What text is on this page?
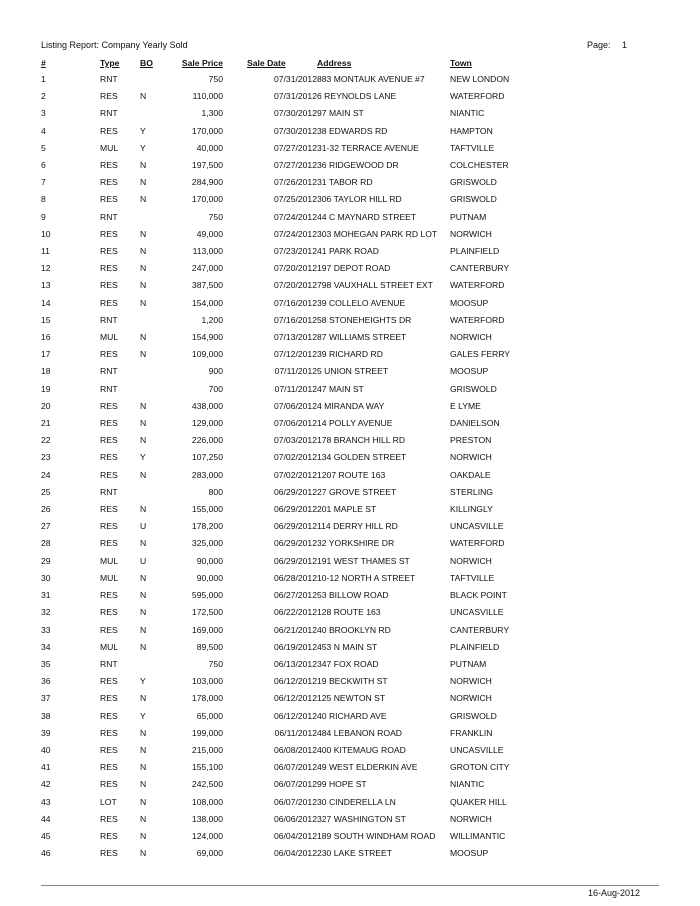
Listing Report: Company Yearly Sold	Page: 1
#	Type	BO	Sale Price	Sale Date	Address	Town
1	RNT		750	07/31/2012	883 MONTAUK AVENUE #7	NEW LONDON
2	RES	N	110,000	07/31/2012	6 REYNOLDS LANE	WATERFORD
3	RNT		1,300	07/30/2012	97 MAIN ST	NIANTIC
4	RES	Y	170,000	07/30/2012	38 EDWARDS RD	HAMPTON
5	MUL	Y	40,000	07/27/2012	31-32 TERRACE AVENUE	TAFTVILLE
6	RES	N	197,500	07/27/2012	36 RIDGEWOOD DR	COLCHESTER
7	RES	N	284,900	07/26/2012	31 TABOR RD	GRISWOLD
8	RES	N	170,000	07/25/2012	306 TAYLOR HILL RD	GRISWOLD
9	RNT		750	07/24/2012	44 C MAYNARD STREET	PUTNAM
10	RES	N	49,000	07/24/2012	303 MOHEGAN PARK RD LOT	NORWICH
11	RES	N	113,000	07/23/2012	41 PARK ROAD	PLAINFIELD
12	RES	N	247,000	07/20/2012	197 DEPOT ROAD	CANTERBURY
13	RES	N	387,500	07/20/2012	798 VAUXHALL STREET EXT	WATERFORD
14	RES	N	154,000	07/16/2012	39 COLLELO AVENUE	MOOSUP
15	RNT		1,200	07/16/2012	58 STONEHEIGHTS DR	WATERFORD
16	MUL	N	154,900	07/13/2012	87 WILLIAMS STREET	NORWICH
17	RES	N	109,000	07/12/2012	39 RICHARD RD	GALES FERRY
18	RNT		900	07/11/2012	5 UNION STREET	MOOSUP
19	RNT		700	07/11/2012	47 MAIN ST	GRISWOLD
20	RES	N	438,000	07/06/2012	4 MIRANDA WAY	E LYME
21	RES	N	129,000	07/06/2012	14 POLLY AVENUE	DANIELSON
22	RES	N	226,000	07/03/2012	178 BRANCH HILL RD	PRESTON
23	RES	Y	107,250	07/02/2012	134 GOLDEN STREET	NORWICH
24	RES	N	283,000	07/02/2012	1207 ROUTE 163	OAKDALE
25	RNT		800	06/29/2012	27 GROVE STREET	STERLING
26	RES	N	155,000	06/29/2012	201 MAPLE ST	KILLINGLY
27	RES	U	178,200	06/29/2012	114 DERRY HILL RD	UNCASVILLE
28	RES	N	325,000	06/29/2012	32 YORKSHIRE DR	WATERFORD
29	MUL	U	90,000	06/29/2012	191 WEST THAMES ST	NORWICH
30	MUL	N	90,000	06/28/2012	10-12 NORTH A STREET	TAFTVILLE
31	RES	N	595,000	06/27/2012	53 BILLOW ROAD	BLACK POINT
32	RES	N	172,500	06/22/2012	128 ROUTE 163	UNCASVILLE
33	RES	N	169,000	06/21/2012	40 BROOKLYN RD	CANTERBURY
34	MUL	N	89,500	06/19/2012	453 N MAIN ST	PLAINFIELD
35	RNT		750	06/13/2012	347 FOX ROAD	PUTNAM
36	RES	Y	103,000	06/12/2012	19 BECKWITH ST	NORWICH
37	RES	N	178,000	06/12/2012	125 NEWTON ST	NORWICH
38	RES	Y	65,000	06/12/2012	40 RICHARD AVE	GRISWOLD
39	RES	N	199,000	06/11/2012	484 LEBANON ROAD	FRANKLIN
40	RES	N	215,000	06/08/2012	400 KITEMAUG ROAD	UNCASVILLE
41	RES	N	155,100	06/07/2012	49 WEST ELDERKIN AVE	GROTON CITY
42	RES	N	242,500	06/07/2012	99 HOPE ST	NIANTIC
43	LOT	N	108,000	06/07/2012	30 CINDERELLA LN	QUAKER HILL
44	RES	N	138,000	06/06/2012	327 WASHINGTON ST	NORWICH
45	RES	N	124,000	06/04/2012	189 SOUTH WINDHAM ROAD	WILLIMANTIC
46	RES	N	69,000	06/04/2012	230 LAKE STREET	MOOSUP
16-Aug-2012
